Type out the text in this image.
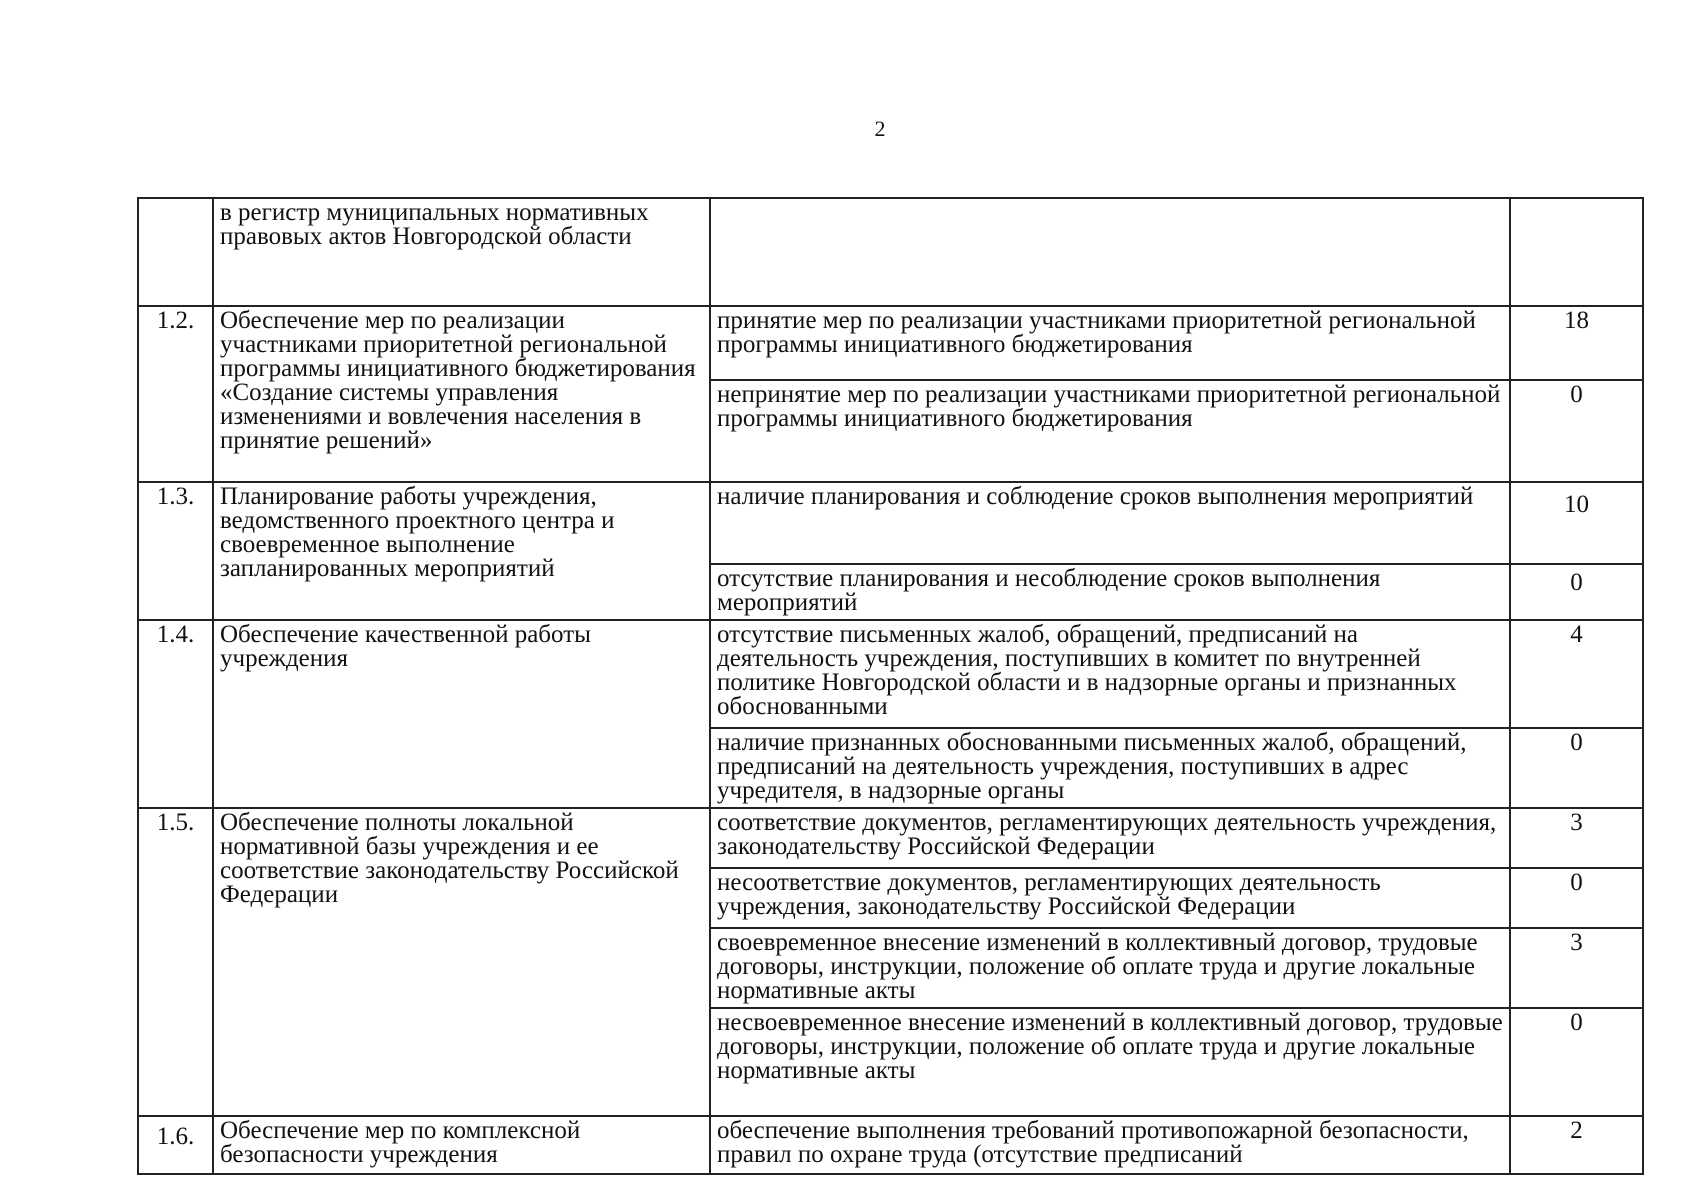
2
	в регистр муниципальных нормативных правовых актов Новгородской области		
1.2.	Обеспечение мер по реализации участниками приоритетной региональной программы инициативного бюджетирования «Создание системы управления изменениями и вовлечения населения в принятие решений»	принятие мер по реализации участниками приоритетной региональной программы инициативного бюджетирования	18
		непринятие мер по реализации участниками приоритетной региональной программы инициативного бюджетирования	0
1.3.	Планирование работы учреждения, ведомственного проектного центра и своевременное выполнение запланированных мероприятий	наличие планирования и соблюдение сроков выполнения мероприятий	10
		отсутствие планирования и несоблюдение сроков выполнения мероприятий	0
1.4.	Обеспечение качественной работы учреждения	отсутствие письменных жалоб, обращений, предписаний на деятельность учреждения, поступивших в комитет по внутренней политике Новгородской области и в надзорные органы и признанных обоснованными	4
		наличие признанных обоснованными письменных жалоб, обращений, предписаний на деятельность учреждения, поступивших в адрес учредителя, в надзорные органы	0
1.5.	Обеспечение полноты локальной нормативной базы учреждения и ее соответствие законодательству Российской Федерации	соответствие документов, регламентирующих деятельность учреждения, законодательству Российской Федерации	3
		несоответствие документов, регламентирующих деятельность учреждения, законодательству Российской Федерации	0
		своевременное внесение изменений в коллективный договор, трудовые договоры, инструкции, положение об оплате труда и другие локальные нормативные акты	3
		несвоевременное внесение изменений в коллективный договор, трудовые договоры, инструкции, положение об оплате труда и другие локальные нормативные акты	0
1.6.	Обеспечение мер по комплексной безопасности учреждения	обеспечение выполнения требований противопожарной безопасности, правил по охране труда (отсутствие предписаний	2
